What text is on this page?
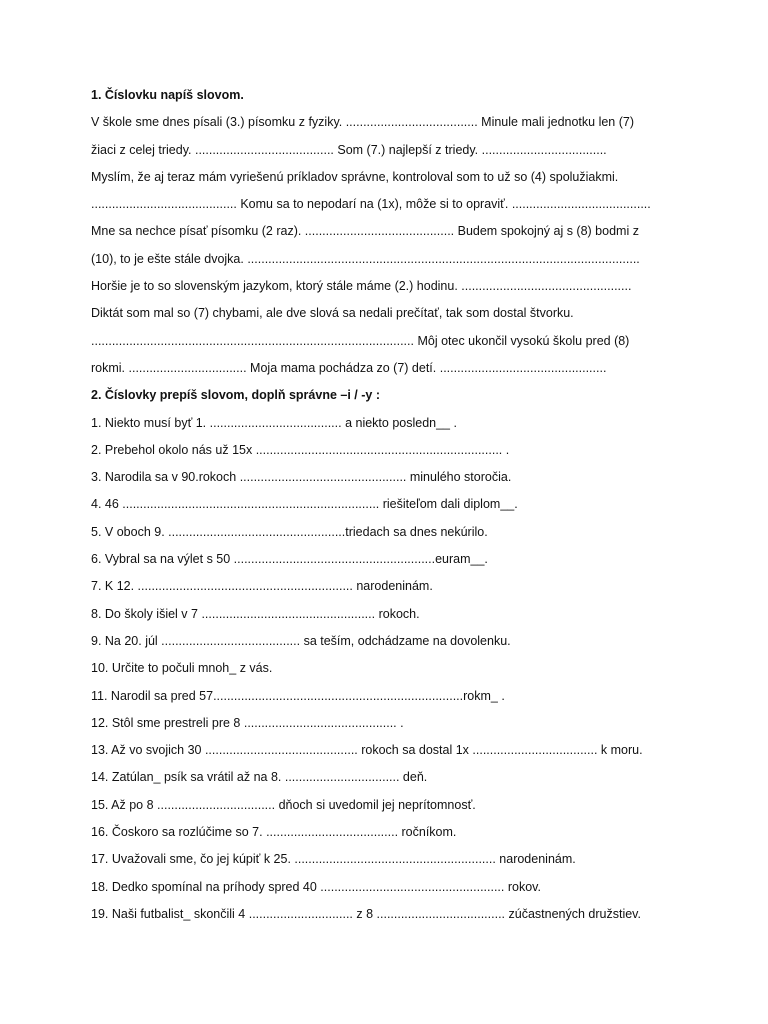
1. Číslovku napíš slovom.
V škole sme dnes písali (3.) písomku z fyziky. ...................................... Minule mali jednotku len (7)
žiaci z celej triedy. ........................................ Som (7.) najlepší z triedy. ....................................
Myslím, že aj teraz mám vyriešenú príkladov správne, kontroloval som to už so (4) spolužiakmi.
.......................................... Komu sa to nepodarí na (1x), môže si to opraviť. ........................................
Mne sa nechce písať písomku (2 raz). ........................................... Budem spokojný aj s (8) bodmi z
(10), to je ešte stále dvojka. .................................................................................................................
Horšie je to so slovenským jazykom, ktorý stále máme (2.) hodinu. .................................................
Diktát som mal so (7) chybami, ale dve slová sa nedali prečítať, tak som dostal štvorku.
............................................................................................. Môj otec ukončil vysokú školu pred (8)
rokmi. .................................. Moja mama pochádza zo (7) detí. ................................................
2. Číslovky prepíš slovom, doplň správne –i / -y :
1. Niekto musí byť 1. ...................................... a niekto posledn__ .
2. Prebehol okolo nás už 15x ....................................................................... .
3. Narodila sa v 90.rokoch ................................................ minulého storočia.
4. 46 .......................................................................... riešiteľom dali diplom__.
5. V oboch 9. ...................................................triedach sa dnes nekúrilo.
6. Vybral sa na výlet s 50 ..........................................................euram__.
7. K 12. .............................................................. narodeninám.
8. Do školy išiel v 7 .................................................. rokoch.
9. Na 20. júl ........................................ sa teším, odchádzame na dovolenku.
10. Určite to počuli mnoh_ z vás.
11. Narodil sa pred 57........................................................................rokm_ .
12. Stôl sme prestreli pre 8 ............................................ .
13. Až vo svojich 30 ............................................ rokoch sa dostal 1x .................................... k moru.
14. Zatúlan_ psík sa vrátil až na 8. ................................. deň.
15. Až po 8 .................................. dňoch si uvedomil jej neprítomnosť.
16. Čoskoro sa rozlúčime so 7. ...................................... ročníkom.
17. Uvažovali sme, čo jej kúpiť k 25. .......................................................... narodeninám.
18. Dedko spomínal na príhody spred 40 ..................................................... rokov.
19. Naši futbalist_ skončili 4 .............................. z 8 ..................................... zúčastnených družstiev.
